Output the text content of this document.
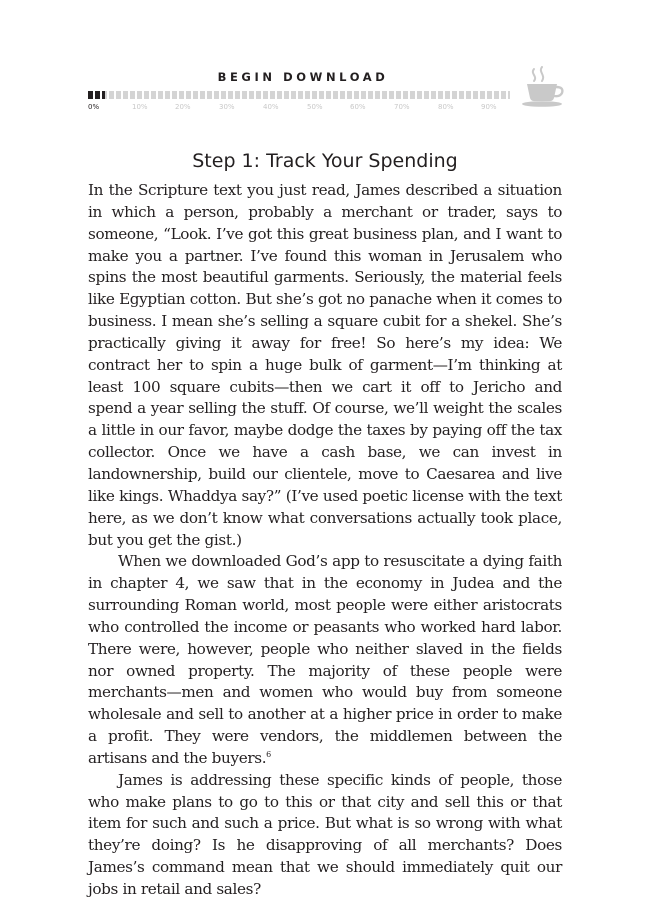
BEGIN DOWNLOAD
0%	10%	20%	30%	40%	50%	60%	70%	80%	90%
Step 1: Track Your Spending

In the Scripture text you just read, James described a situation in which a person, probably a merchant or trader, says to someone, “Look. I’ve got this great business plan, and I want to make you a partner. I’ve found this woman in Jerusalem who spins the most beautiful garments. Seriously, the material feels like Egyptian cotton. But she’s got no panache when it comes to business. I mean she’s selling a square cubit for a shekel. She’s practically giving it away for free! So here’s my idea: We contract her to spin a huge bulk of garment—I’m thinking at least 100 square cubits—then we cart it off to Jericho and spend a year selling the stuff. Of course, we’ll weight the scales a little in our favor, maybe dodge the taxes by paying off the tax collector. Once we have a cash base, we can invest in landownership, build our clientele, move to Caesarea and live like kings. Whaddya say?” (I’ve used poetic license with the text here, as we don’t know what conversations actually took place, but you get the gist.)

When we downloaded God’s app to resuscitate a dying faith in chapter 4, we saw that in the economy in Judea and the surrounding Roman world, most people were either aristocrats who controlled the income or peasants who worked hard labor. There were, however, people who neither slaved in the fields nor owned property. The majority of these people were merchants—men and women who would buy from someone wholesale and sell to another at a higher price in order to make a profit. They were vendors, the middlemen between the artisans and the buyers.$^6$

James is addressing these specific kinds of people, those who make plans to go to this or that city and sell this or that item for such and such a price. But what is so wrong with what they’re doing? Is he disapproving of all merchants? Does James’s command mean that we should immediately quit our jobs in retail and sales?
